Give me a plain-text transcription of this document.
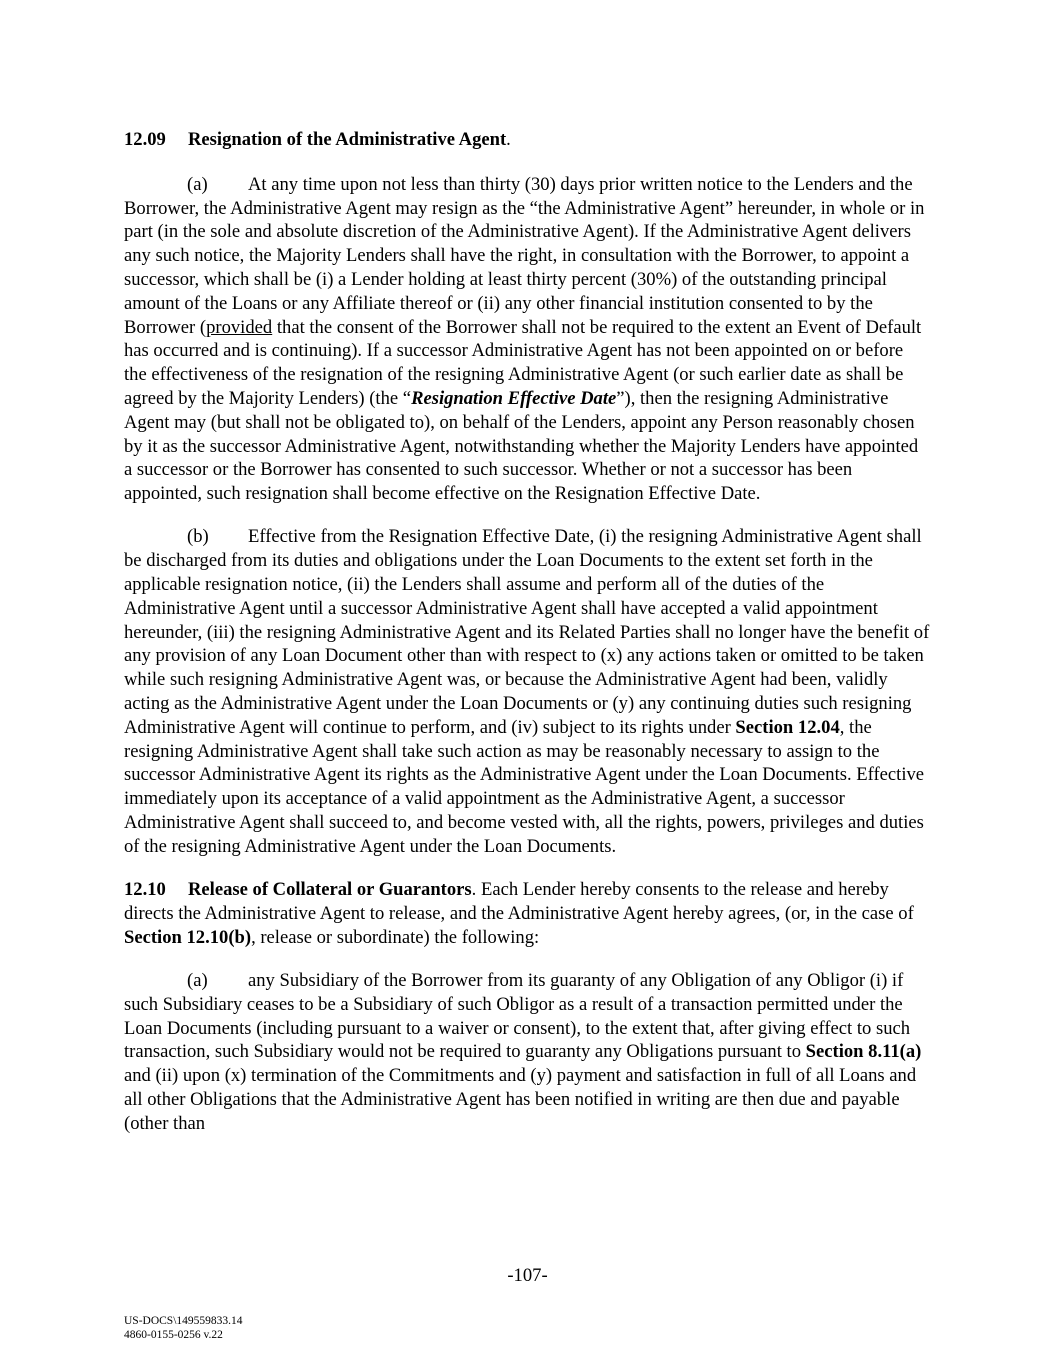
12.09 Resignation of the Administrative Agent.

(a) At any time upon not less than thirty (30) days prior written notice to the Lenders and the Borrower, the Administrative Agent may resign as the “the Administrative Agent” hereunder, in whole or in part (in the sole and absolute discretion of the Administrative Agent). If the Administrative Agent delivers any such notice, the Majority Lenders shall have the right, in consultation with the Borrower, to appoint a successor, which shall be (i) a Lender holding at least thirty percent (30%) of the outstanding principal amount of the Loans or any Affiliate thereof or (ii) any other financial institution consented to by the Borrower (provided that the consent of the Borrower shall not be required to the extent an Event of Default has occurred and is continuing). If a successor Administrative Agent has not been appointed on or before the effectiveness of the resignation of the resigning Administrative Agent (or such earlier date as shall be agreed by the Majority Lenders) (the “Resignation Effective Date”), then the resigning Administrative Agent may (but shall not be obligated to), on behalf of the Lenders, appoint any Person reasonably chosen by it as the successor Administrative Agent, notwithstanding whether the Majority Lenders have appointed a successor or the Borrower has consented to such successor. Whether or not a successor has been appointed, such resignation shall become effective on the Resignation Effective Date.

(b) Effective from the Resignation Effective Date, (i) the resigning Administrative Agent shall be discharged from its duties and obligations under the Loan Documents to the extent set forth in the applicable resignation notice, (ii) the Lenders shall assume and perform all of the duties of the Administrative Agent until a successor Administrative Agent shall have accepted a valid appointment hereunder, (iii) the resigning Administrative Agent and its Related Parties shall no longer have the benefit of any provision of any Loan Document other than with respect to (x) any actions taken or omitted to be taken while such resigning Administrative Agent was, or because the Administrative Agent had been, validly acting as the Administrative Agent under the Loan Documents or (y) any continuing duties such resigning Administrative Agent will continue to perform, and (iv) subject to its rights under Section 12.04, the resigning Administrative Agent shall take such action as may be reasonably necessary to assign to the successor Administrative Agent its rights as the Administrative Agent under the Loan Documents. Effective immediately upon its acceptance of a valid appointment as the Administrative Agent, a successor Administrative Agent shall succeed to, and become vested with, all the rights, powers, privileges and duties of the resigning Administrative Agent under the Loan Documents.

12.10 Release of Collateral or Guarantors. Each Lender hereby consents to the release and hereby directs the Administrative Agent to release, and the Administrative Agent hereby agrees, (or, in the case of Section 12.10(b), release or subordinate) the following:

(a) any Subsidiary of the Borrower from its guaranty of any Obligation of any Obligor (i) if such Subsidiary ceases to be a Subsidiary of such Obligor as a result of a transaction permitted under the Loan Documents (including pursuant to a waiver or consent), to the extent that, after giving effect to such transaction, such Subsidiary would not be required to guaranty any Obligations pursuant to Section 8.11(a) and (ii) upon (x) termination of the Commitments and (y) payment and satisfaction in full of all Loans and all other Obligations that the Administrative Agent has been notified in writing are then due and payable (other than

-107-
US-DOCS\149559833.14
4860-0155-0256 v.22
